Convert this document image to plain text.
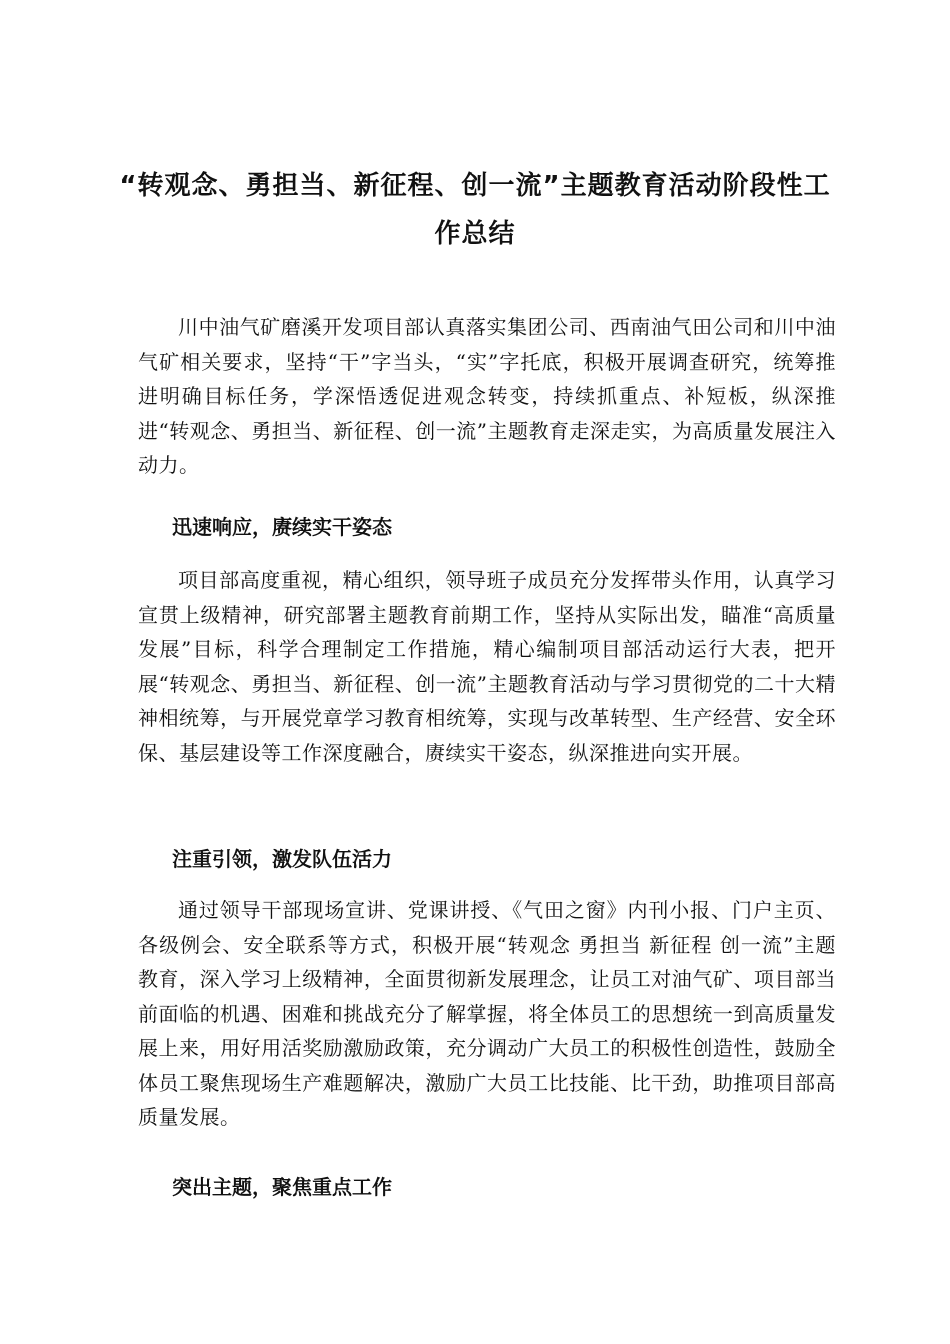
“转观念、勇担当、新征程、创一流”主题教育活动阶段性工作总结

川中油气矿磨溪开发项目部认真落实集团公司、西南油气田公司和川中油气矿相关要求，坚持“干”字当头，“实”字托底，积极开展调查研究，统筹推进明确目标任务，学深悟透促进观念转变，持续抓重点、补短板，纵深推进“转观念、勇担当、新征程、创一流”主题教育走深走实，为高质量发展注入动力。

迅速响应，赓续实干姿态

项目部高度重视，精心组织，领导班子成员充分发挥带头作用，认真学习宣贯上级精神，研究部署主题教育前期工作，坚持从实际出发，瞄准“高质量发展”目标，科学合理制定工作措施，精心编制项目部活动运行大表，把开展“转观念、勇担当、新征程、创一流”主题教育活动与学习贯彻党的二十大精神相统筹，与开展党章学习教育相统筹，实现与改革转型、生产经营、安全环保、基层建设等工作深度融合，赓续实干姿态，纵深推进向实开展。

注重引领，激发队伍活力

通过领导干部现场宣讲、党课讲授、《气田之窗》内刊小报、门户主页、各级例会、安全联系等方式，积极开展“转观念 勇担当 新征程 创一流”主题教育，深入学习上级精神，全面贯彻新发展理念，让员工对油气矿、项目部当前面临的机遇、困难和挑战充分了解掌握，将全体员工的思想统一到高质量发展上来，用好用活奖励激励政策，充分调动广大员工的积极性创造性，鼓励全体员工聚焦现场生产难题解决，激励广大员工比技能、比干劲，助推项目部高质量发展。

突出主题，聚焦重点工作
